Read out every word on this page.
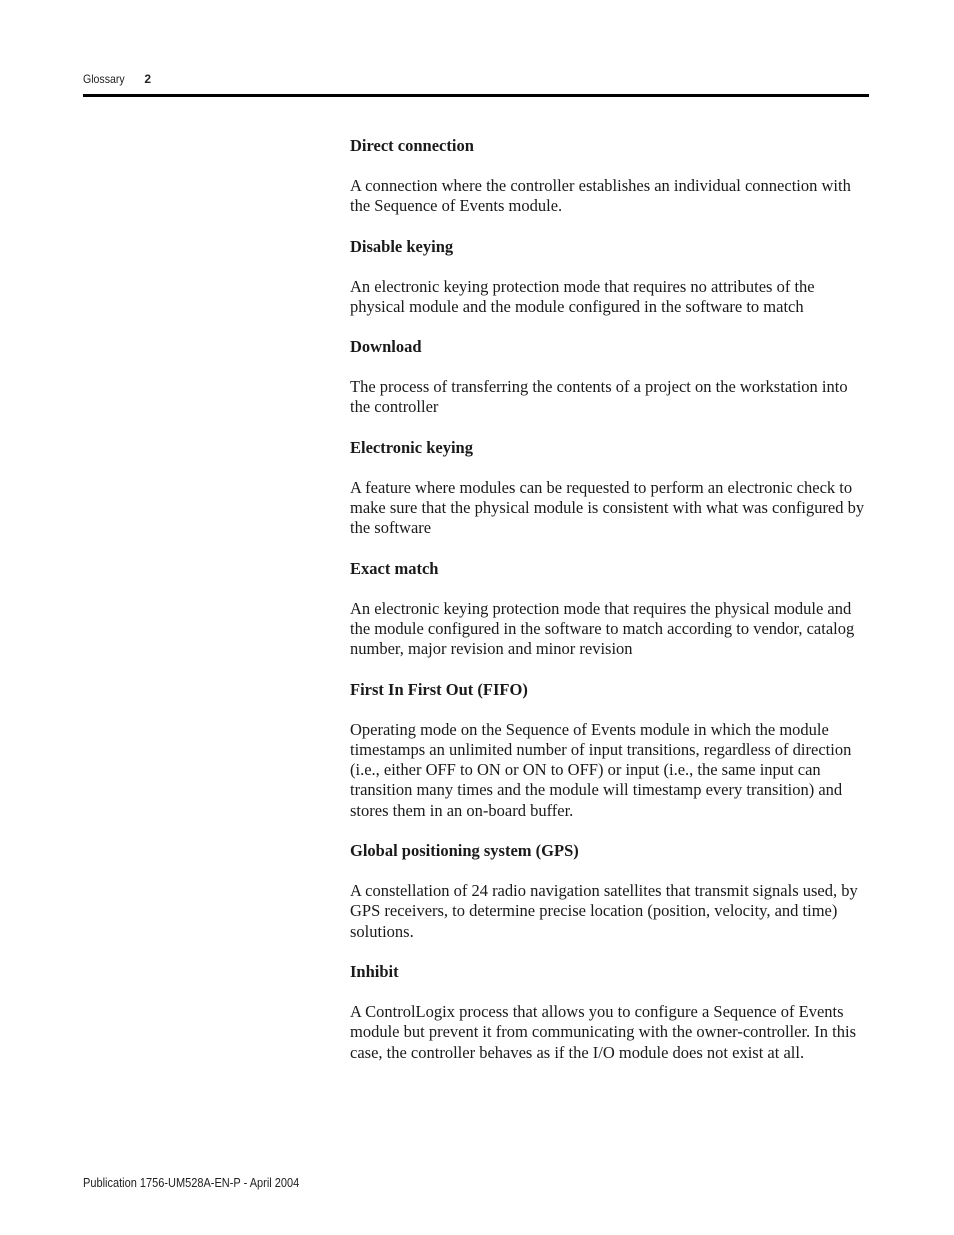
Glossary 2
Direct connection
A connection where the controller establishes an individual connection with the Sequence of Events module.
Disable keying
An electronic keying protection mode that requires no attributes of the physical module and the module configured in the software to match
Download
The process of transferring the contents of a project on the workstation into the controller
Electronic keying
A feature where modules can be requested to perform an electronic check to make sure that the physical module is consistent with what was configured by the software
Exact match
An electronic keying protection mode that requires the physical module and the module configured in the software to match according to vendor, catalog number, major revision and minor revision
First In First Out (FIFO)
Operating mode on the Sequence of Events module in which the module timestamps an unlimited number of input transitions, regardless of direction (i.e., either OFF to ON or ON to OFF) or input (i.e., the same input can transition many times and the module will timestamp every transition) and stores them in an on-board buffer.
Global positioning system (GPS)
A constellation of 24 radio navigation satellites that transmit signals used, by GPS receivers, to determine precise location (position, velocity, and time) solutions.
Inhibit
A ControlLogix process that allows you to configure a Sequence of Events module but prevent it from communicating with the owner-controller. In this case, the controller behaves as if the I/O module does not exist at all.
Publication 1756-UM528A-EN-P - April 2004
